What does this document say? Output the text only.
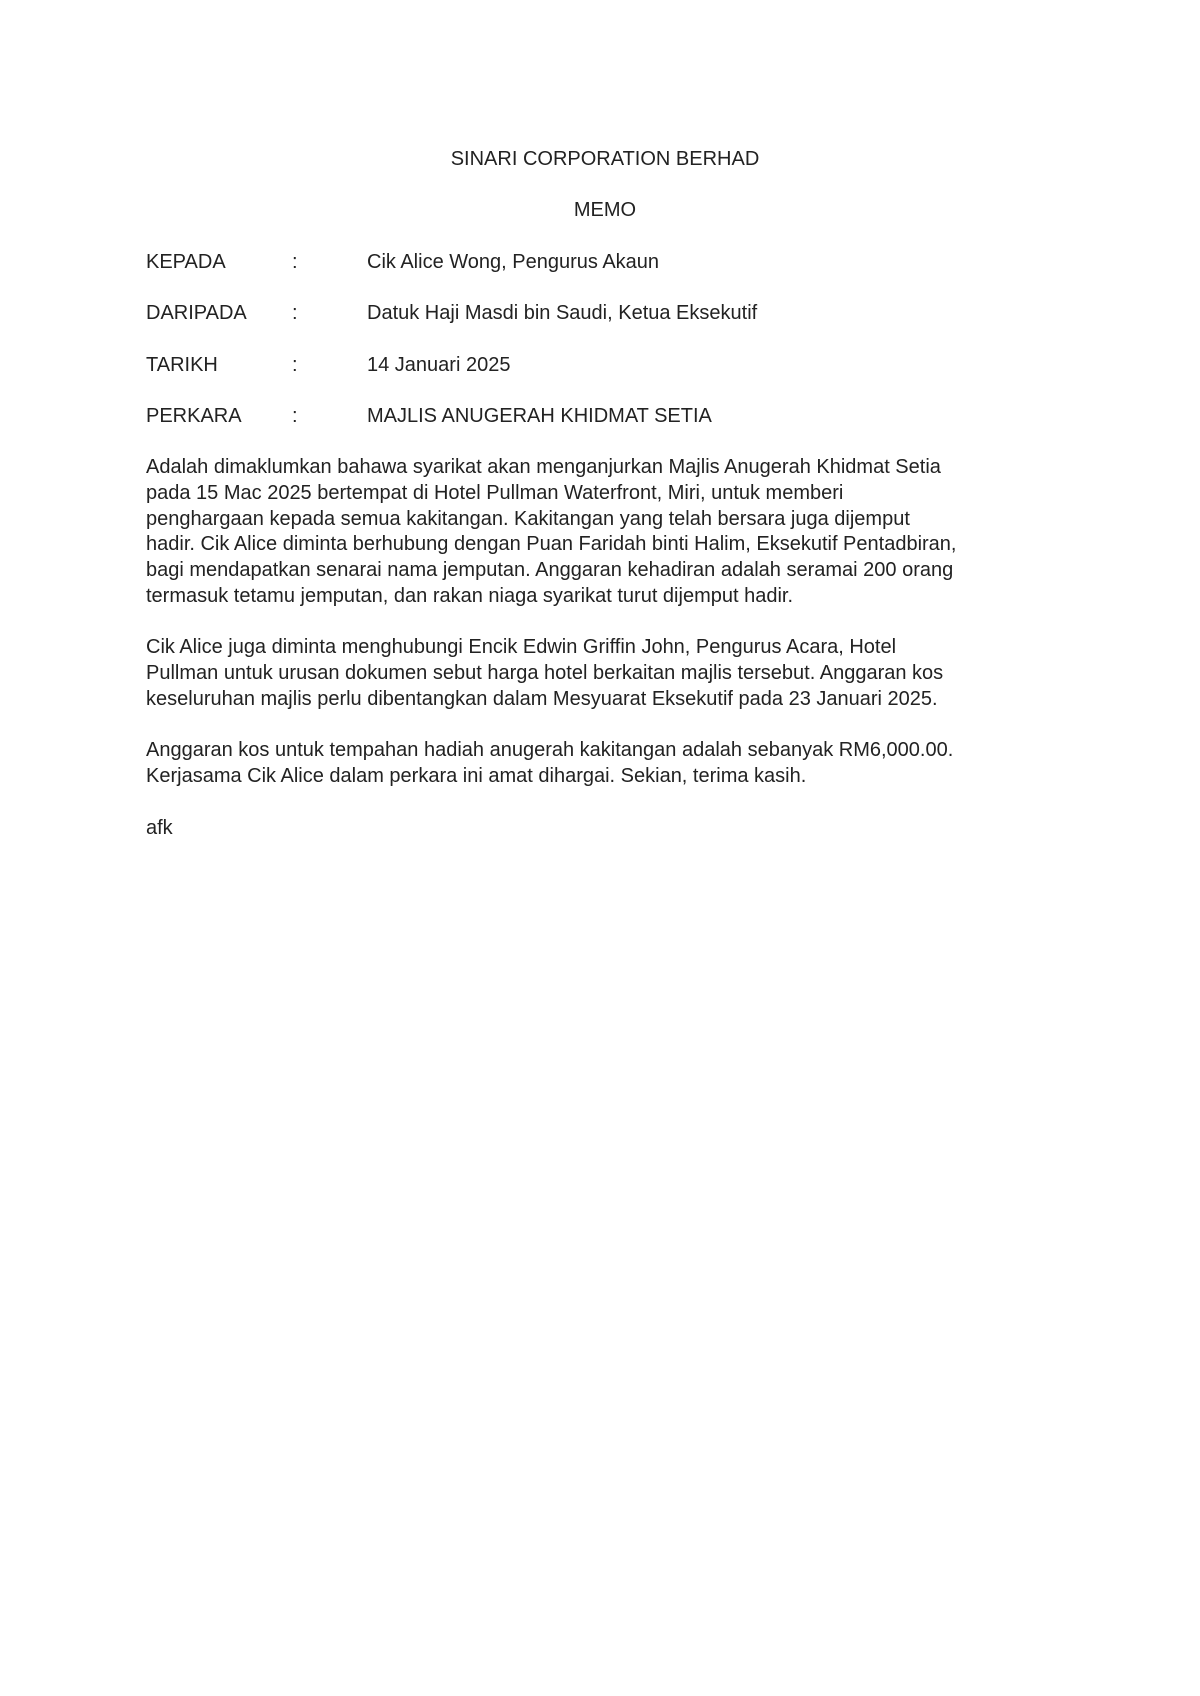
SINARI CORPORATION BERHAD
MEMO
KEPADA	:	Cik Alice Wong, Pengurus Akaun
DARIPADA :	Datuk Haji Masdi bin Saudi, Ketua Eksekutif
TARIKH	:	14 Januari 2025
PERKARA	:	MAJLIS ANUGERAH KHIDMAT SETIA
Adalah dimaklumkan bahawa syarikat akan menganjurkan Majlis Anugerah Khidmat Setia
pada 15 Mac 2025 bertempat di Hotel Pullman Waterfront, Miri, untuk memberi
penghargaan kepada semua kakitangan. Kakitangan yang telah bersara juga dijemput
hadir. Cik Alice diminta berhubung dengan Puan Faridah binti Halim, Eksekutif Pentadbiran,
bagi mendapatkan senarai nama jemputan. Anggaran kehadiran adalah seramai 200 orang
termasuk tetamu jemputan, dan rakan niaga syarikat turut dijemput hadir.
Cik Alice juga diminta menghubungi Encik Edwin Griffin John, Pengurus Acara, Hotel
Pullman untuk urusan dokumen sebut harga hotel berkaitan majlis tersebut. Anggaran kos
keseluruhan majlis perlu dibentangkan dalam Mesyuarat Eksekutif pada 23 Januari 2025.
Anggaran kos untuk tempahan hadiah anugerah kakitangan adalah sebanyak RM6,000.00.
Kerjasama Cik Alice dalam perkara ini amat dihargai. Sekian, terima kasih.
afk
